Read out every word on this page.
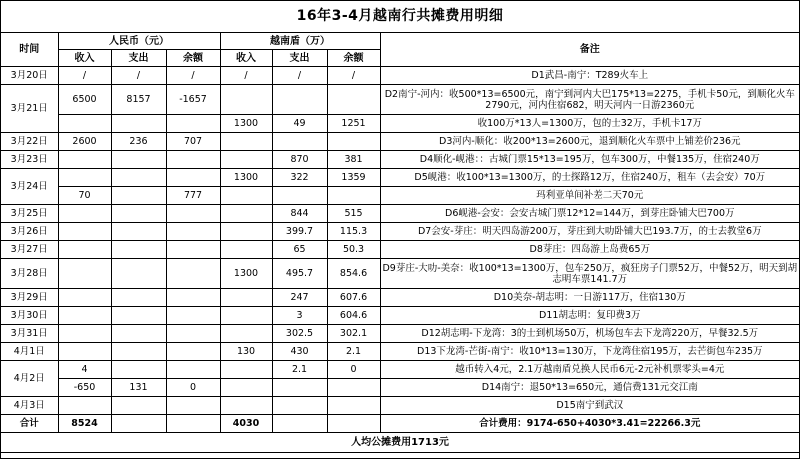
16年3-4月越南行共摊费用明细
时间	人民币（元）			越南盾（万）			备注
	收入	支出	余额	收入	支出	余额	
3月20日	/	/	/	/	/	/	D1武昌-南宁：T289火车上
3月21日	6500	8157	-1657				D2南宁-河内：收500*13=6500元，南宁到河内大巴175*13=2275，手机卡50元，到顺化火车2790元，河内住宿682，明天河内一日游2360元
				1300	49	1251	收100万*13人=1300万，包的士32万，手机卡17万
3月22日	2600	236	707				D3河内-顺化：收200*13=2600元，退到顺化火车票中上铺差价236元
3月23日					870	381	D4顺化-岘港：：古城门票15*13=195万，包车300万，中餐135万，住宿240万
3月24日				1300	322	1359	D5岘港：收100*13=1300万，的士探路12万，住宿240万，租车（去会安）70万
	70		777				玛利亚单间补差二天70元
3月25日					844	515	D6岘港-会安：会安古城门票12*12=144万，到芽庄卧铺大巴700万
3月26日					399.7	115.3	D7会安-芽庄：明天四岛游200万，芽庄到大叻卧铺大巴193.7万，的士去教堂6万
3月27日					65	50.3	D8芽庄：四岛游上岛费65万
3月28日				1300	495.7	854.6	D9芽庄-大叻-美奈：收100*13=1300万，包车250万，疯狂房子门票52万，中餐52万，明天到胡志明车票141.7万
3月29日					247	607.6	D10美奈-胡志明：一日游117万，住宿130万
3月30日					3	604.6	D11胡志明：复印费3万
3月31日					302.5	302.1	D12胡志明-下龙湾：3的士到机场50万，机场包车去下龙湾220万，早餐32.5万
4月1日				130	430	2.1	D13下龙湾-芒街-南宁：收10*13=130万，下龙湾住宿195万，去芒街包车235万
4月2日	4				2.1	0	越币转入4元，2.1万越南盾兑换人民币6元-2元补机票零头=4元
	-650	131	0				D14南宁：退50*13=650元，通信费131元交江南
4月3日							D15南宁到武汉
合计	8524			4030			合计费用：9174-650+4030*3.41=22266.3元
人均公摊费用1713元							
